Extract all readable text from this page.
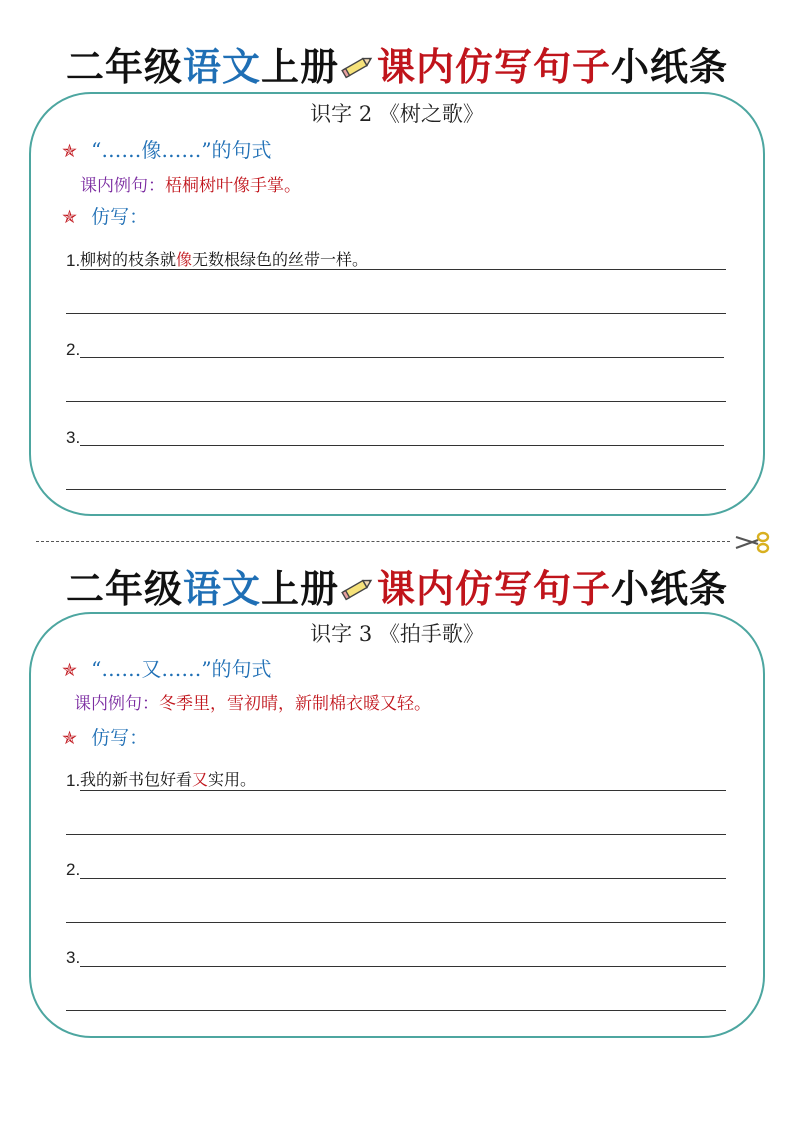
二年级语文上册 课内仿写句子小纸条
识字 2 《树之歌》
✯ “……像……”的句式
课内例句：梧桐树叶像手掌。
✯ 仿写：
1. 柳树的枝条就像无数根绿色的丝带一样。
2.
3.
二年级语文上册 课内仿写句子小纸条
识字 3 《拍手歌》
✯ “……又……”的句式
课内例句：冬季里，雪初晴，新制棉衣暖又轻。
✯ 仿写：
1. 我的新书包好看又实用。
2.
3.
